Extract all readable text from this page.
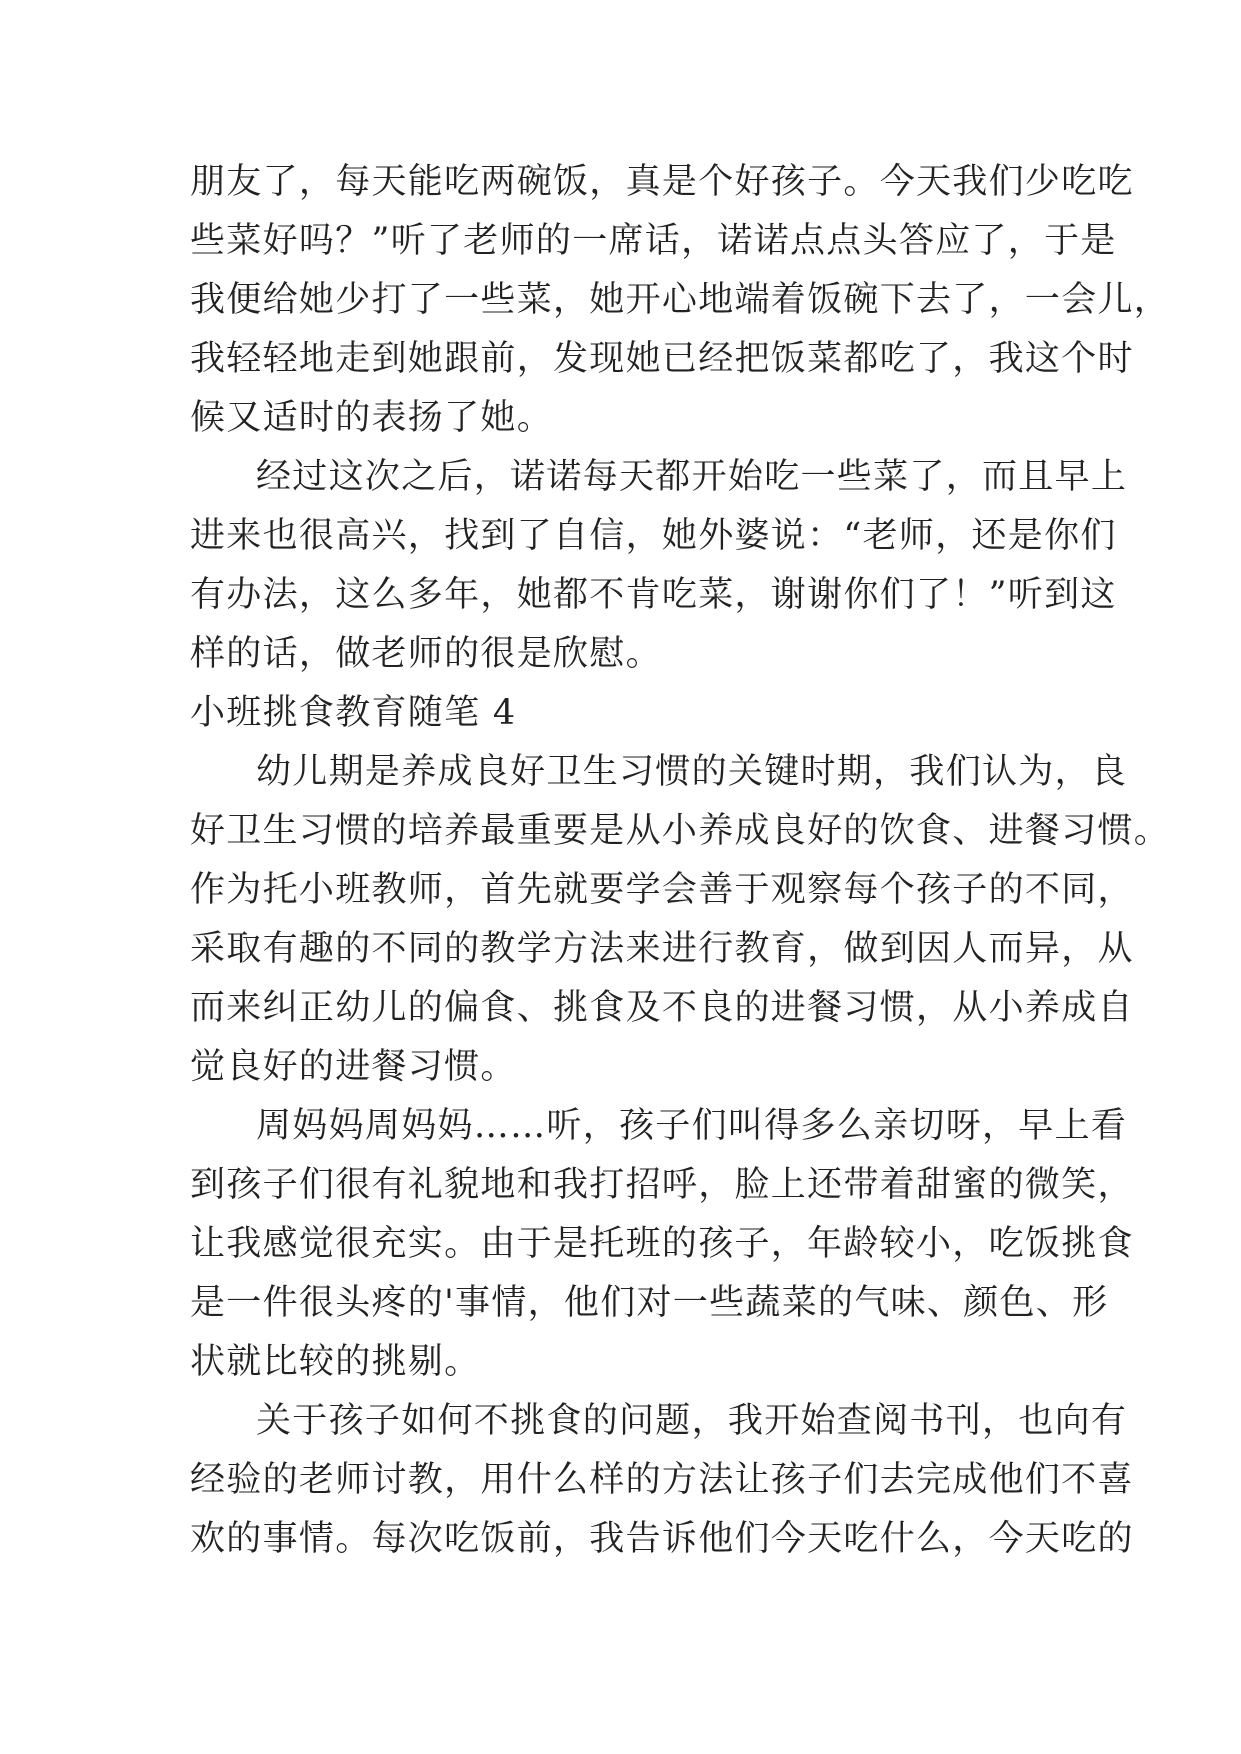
朋友了，每天能吃两碗饭，真是个好孩子。今天我们少吃吃
些菜好吗？”听了老师的一席话，诺诺点点头答应了，于是
我便给她少打了一些菜，她开心地端着饭碗下去了，一会儿，
我轻轻地走到她跟前，发现她已经把饭菜都吃了，我这个时
候又适时的表扬了她。
经过这次之后，诺诺每天都开始吃一些菜了，而且早上
进来也很高兴，找到了自信，她外婆说：“老师，还是你们
有办法，这么多年，她都不肯吃菜，谢谢你们了！”听到这
样的话，做老师的很是欣慰。
小班挑食教育随笔 4
幼儿期是养成良好卫生习惯的关键时期，我们认为，良
好卫生习惯的培养最重要是从小养成良好的饮食、进餐习惯。
作为托小班教师，首先就要学会善于观察每个孩子的不同，
采取有趣的不同的教学方法来进行教育，做到因人而异，从
而来纠正幼儿的偏食、挑食及不良的进餐习惯，从小养成自
觉良好的进餐习惯。
周妈妈周妈妈……听，孩子们叫得多么亲切呀，早上看
到孩子们很有礼貌地和我打招呼，脸上还带着甜蜜的微笑，
让我感觉很充实。由于是托班的孩子，年龄较小，吃饭挑食
是一件很头疼的'事情，他们对一些蔬菜的气味、颜色、形
状就比较的挑剔。
关于孩子如何不挑食的问题，我开始查阅书刊，也向有
经验的老师讨教，用什么样的方法让孩子们去完成他们不喜
欢的事情。每次吃饭前，我告诉他们今天吃什么，今天吃的
